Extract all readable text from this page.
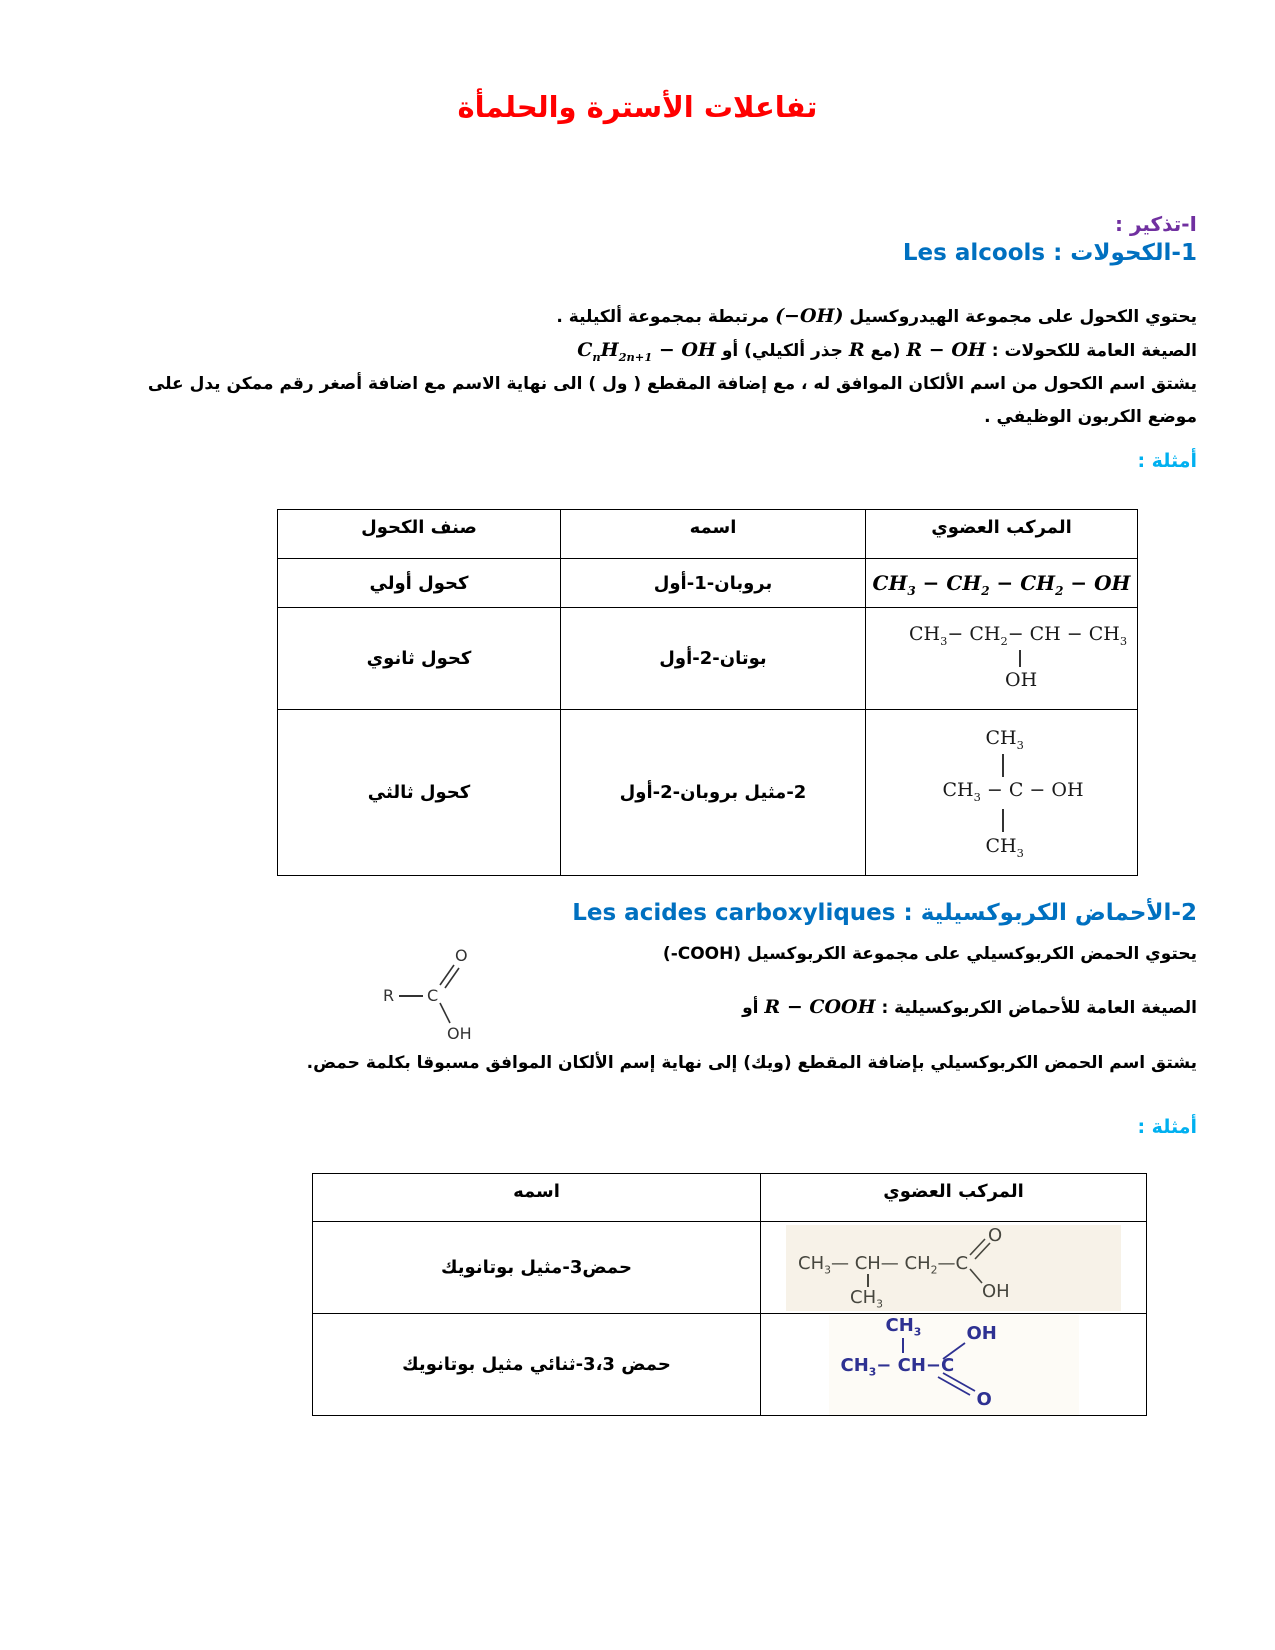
تفاعلات الأسترة والحلمأة
I-تذكير :
1-الكحولات : Les alcools
يحتوي الكحول على مجموعة الهيدروكسيل (−OH) مرتبطة بمجموعة ألكيلية .
الصيغة العامة للكحولات : R − OH (مع R جذر ألكيلي) أو $C_nH_{2n+1}$ − OH
يشتق اسم الكحول من اسم الألكان الموافق له ، مع إضافة المقطع ( ول ) الى نهاية الاسم مع اضافة أصغر رقم ممكن يدل على موضع الكربون الوظيفي .
أمثلة :
المركب العضوي	اسمه	صنف الكحول
$CH_3 - CH_2 - CH_2$ − OH	بروبان-1-أول	كحول أولي

$CH_3- CH_2-$ CH − $CH_3$
OH	بوتان-2-أول	كحول ثانوي

$CH_3$
$CH_3 - C$ − OH
$CH_3$	2-مثيل بروبان-2-أول	كحول ثالثي
2-الأحماض الكربوكسيلية : Les acides carboxyliques
يحتوي الحمض الكربوكسيلي على مجموعة الكربوكسيل (-COOH)
R C
O
OH
الصيغة العامة للأحماض الكربوكسيلية : R − COOH أو
يشتق اسم الحمض الكربوكسيلي بإضافة المقطع (ويك) إلى نهاية إسم الألكان الموافق مسبوقا بكلمة حمض.
أمثلة :
المركب العضوي	اسمه

$CH_3—$ CH— $CH_2—C$
O
OH
$CH_3$	حمض3-مثيل بوتانويك

$CH_3$
$CH_3- CH-C$
OH
O	حمض 3،3-ثنائي مثيل بوتانويك
